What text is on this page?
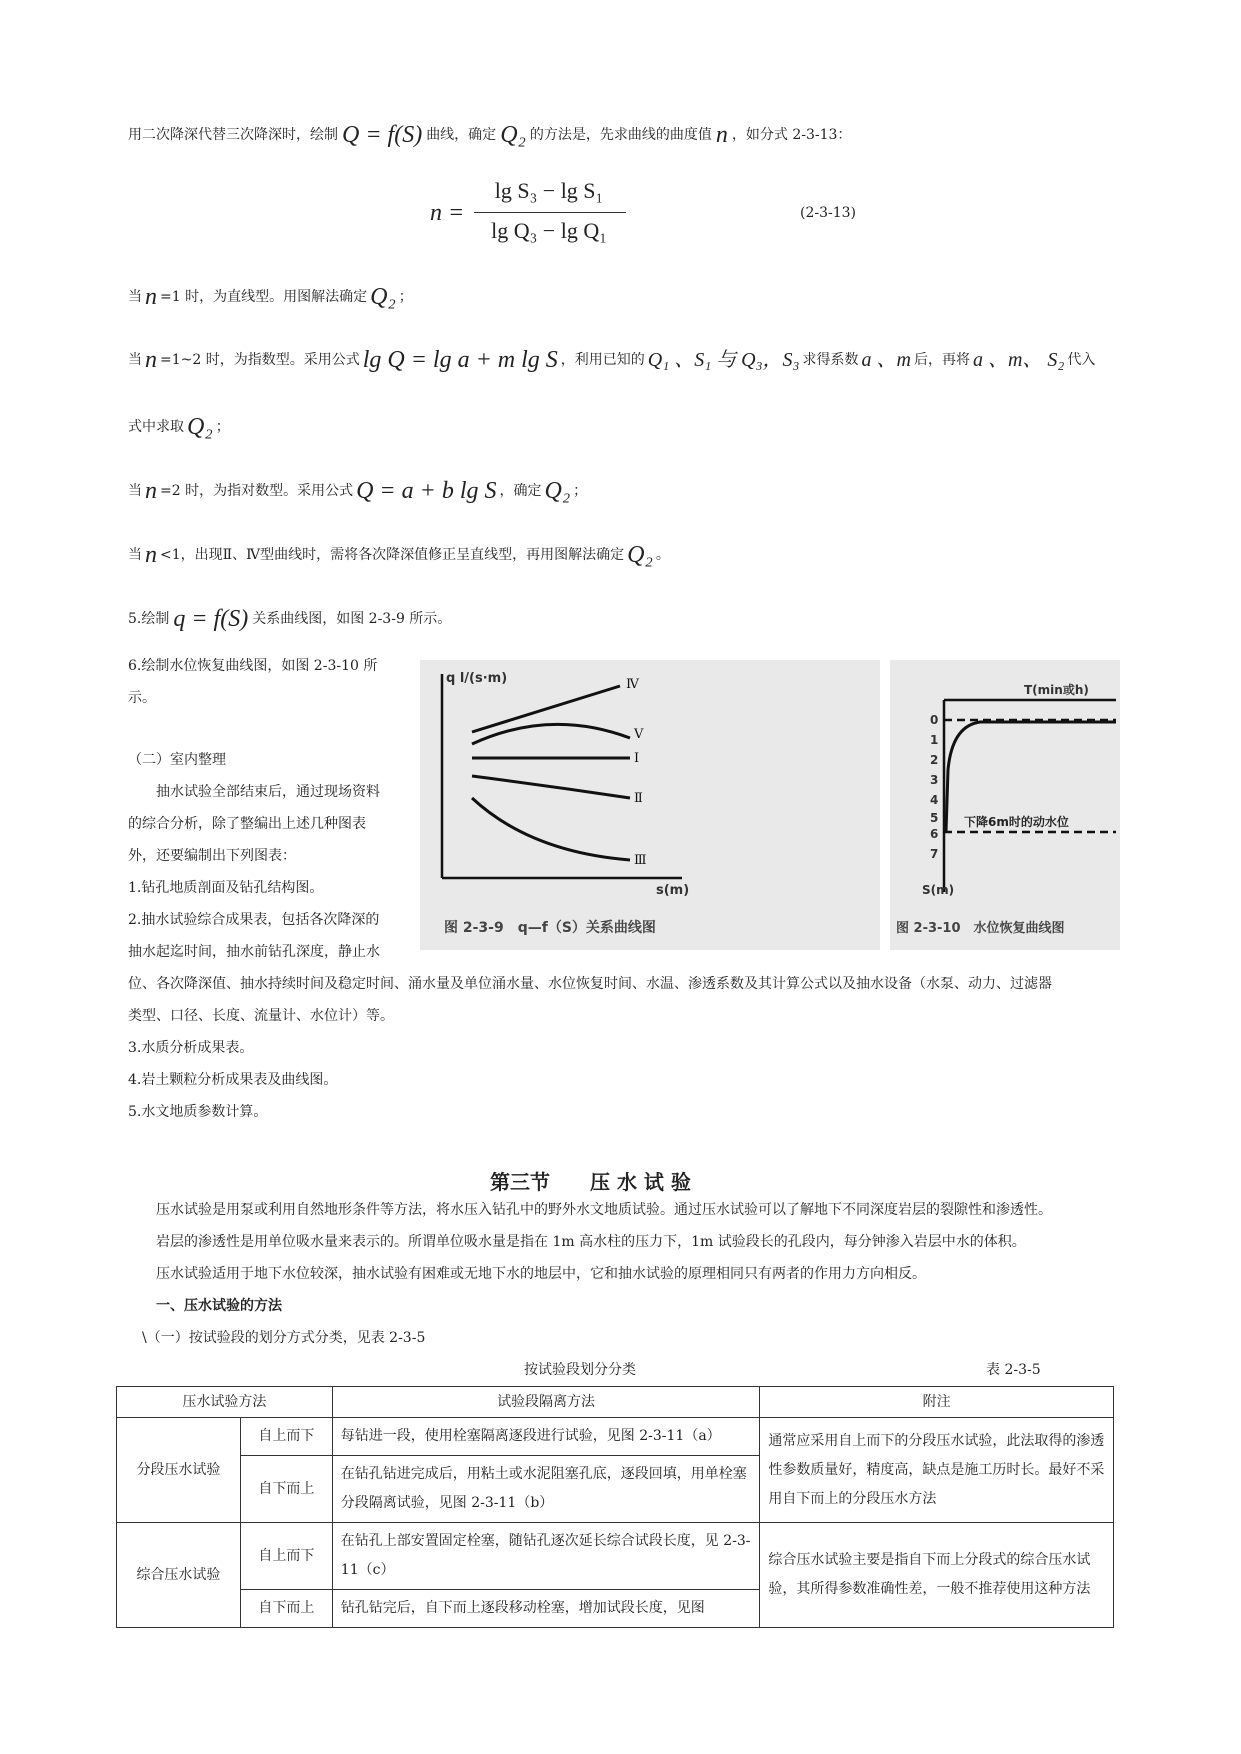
用二次降深代替三次降深时，绘制 Q = f(S) 曲线，确定 Q₂ 的方法是，先求曲线的曲度值 n ，如分式 2-3-13：
n =
lg S₃ − lg S₁
lg Q₃ − lg Q₁
(2-3-13)
当 n =1 时，为直线型。用图解法确定 Q₂ ；
当 n =1~2 时，为指数型。采用公式 lg Q = lg a + m lg S ，利用已知的 Q₁ 、S₁ 与 Q₃，S₃ 求得系数 a 、m 后，再将 a 、m、 S₂ 代入
式中求取 Q₂ ；
当 n =2 时，为指对数型。采用公式 Q = a + b lg S ，确定 Q₂ ；
当 n <1，出现Ⅱ、Ⅳ型曲线时，需将各次降深值修正呈直线型，再用图解法确定 Q₂ 。
5.绘制 q = f(S) 关系曲线图，如图 2-3-9 所示。
6.绘制水位恢复曲线图，如图 2-3-10 所
示。
（二）室内整理
抽水试验全部结束后，通过现场资料
的综合分析，除了整编出上述几种图表
外，还要编制出下列图表：
1.钻孔地质剖面及钻孔结构图。
2.抽水试验综合成果表，包括各次降深的
抽水起迄时间，抽水前钻孔深度，静止水
位、各次降深值、抽水持续时间及稳定时间、涌水量及单位涌水量、水位恢复时间、水温、渗透系数及其计算公式以及抽水设备（水泵、动力、过滤器
类型、口径、长度、流量计、水位计）等。
3.水质分析成果表。
4.岩土颗粒分析成果表及曲线图。
5.水文地质参数计算。
q l/(s·m)	Ⅳ
Ⅴ
Ⅰ
Ⅱ
Ⅲ
s(m)
图 2-3-9　q—f（S）关系曲线图
T(min或h)
0
1
2
3
4
5
6
7
下降6m时的动水位
S(m)
图 2-3-10　水位恢复曲线图
第三节　　压 水 试 验
压水试验是用泵或利用自然地形条件等方法，将水压入钻孔中的野外水文地质试验。通过压水试验可以了解地下不同深度岩层的裂隙性和渗透性。
岩层的渗透性是用单位吸水量来表示的。所谓单位吸水量是指在 1m 高水柱的压力下，1m 试验段长的孔段内，每分钟渗入岩层中水的体积。
压水试验适用于地下水位较深，抽水试验有困难或无地下水的地层中，它和抽水试验的原理相同只有两者的作用力方向相反。
一、压水试验的方法
\（一）按试验段的划分方式分类，见表 2-3-5
按试验段划分分类	表 2-3-5
压水试验方法		试验段隔离方法	附注
分段压水试验	自上而下	每钻进一段，使用栓塞隔离逐段进行试验，见图 2-3-11（a）	通常应采用自上而下的分段压水试验，此法取得的渗透性参数质量好，精度高，缺点是施工历时长。最好不采用自下而上的分段压水方法
	自下而上	在钻孔钻进完成后，用粘土或水泥阻塞孔底，逐段回填，用单栓塞分段隔离试验，见图 2-3-11（b）	
综合压水试验	自上而下	在钻孔上部安置固定栓塞，随钻孔逐次延长综合试段长度，见 2-3-11（c）	综合压水试验主要是指自下而上分段式的综合压水试验，其所得参数准确性差，一般不推荐使用这种方法
	自下而上	钻孔钻完后，自下而上逐段移动栓塞，增加试段长度，见图	
